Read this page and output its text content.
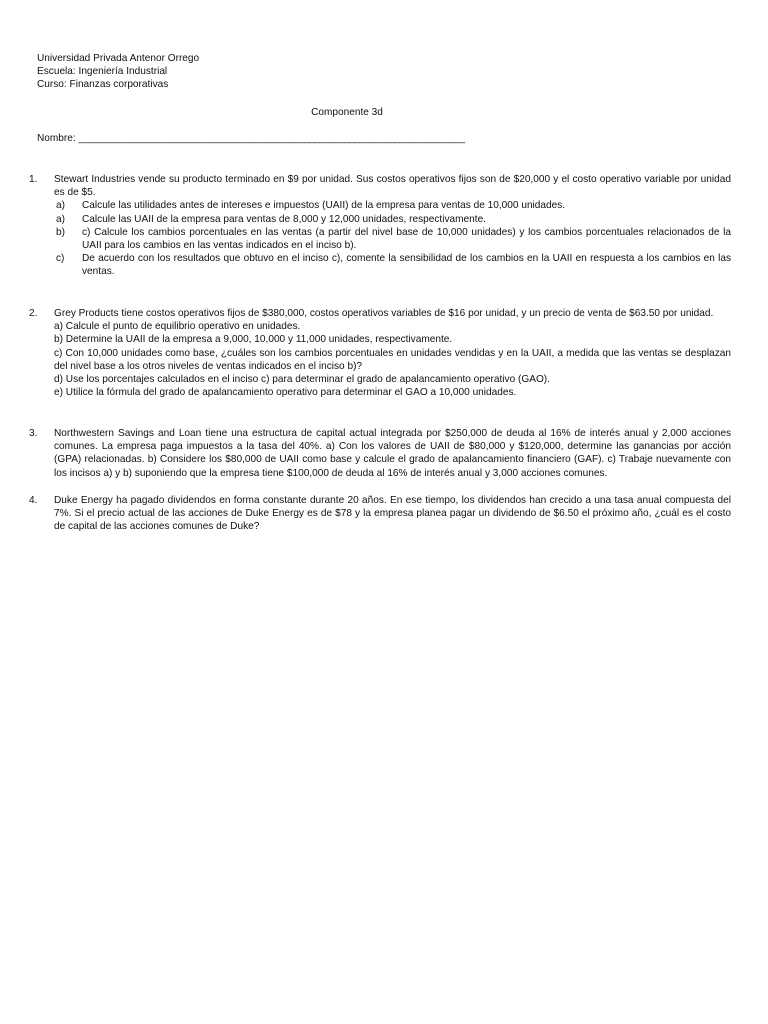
Universidad Privada Antenor Orrego
Escuela: Ingeniería Industrial
Curso: Finanzas corporativas
Componente 3d
Nombre: _____________________________________________________________________________
1. Stewart Industries vende su producto terminado en $9 por unidad. Sus costos operativos fijos son de $20,000 y el costo operativo variable por unidad es de $5.
a) Calcule las utilidades antes de intereses e impuestos (UAII) de la empresa para ventas de 10,000 unidades.
a) Calcule las UAII de la empresa para ventas de 8,000 y 12,000 unidades, respectivamente.
b) c) Calcule los cambios porcentuales en las ventas (a partir del nivel base de 10,000 unidades) y los cambios porcentuales relacionados de la UAII para los cambios en las ventas indicados en el inciso b).
c) De acuerdo con los resultados que obtuvo en el inciso c), comente la sensibilidad de los cambios en la UAII en respuesta a los cambios en las ventas.
2. Grey Products tiene costos operativos fijos de $380,000, costos operativos variables de $16 por unidad, y un precio de venta de $63.50 por unidad.
a) Calcule el punto de equilibrio operativo en unidades.
b) Determine la UAII de la empresa a 9,000, 10,000 y 11,000 unidades, respectivamente.
c) Con 10,000 unidades como base, ¿cuáles son los cambios porcentuales en unidades vendidas y en la UAII, a medida que las ventas se desplazan del nivel base a los otros niveles de ventas indicados en el inciso b)?
d) Use los porcentajes calculados en el inciso c) para determinar el grado de apalancamiento operativo (GAO).
e) Utilice la fórmula del grado de apalancamiento operativo para determinar el GAO a 10,000 unidades.
3. Northwestern Savings and Loan tiene una estructura de capital actual integrada por $250,000 de deuda al 16% de interés anual y 2,000 acciones comunes. La empresa paga impuestos a la tasa del 40%. a) Con los valores de UAII de $80,000 y $120,000, determine las ganancias por acción (GPA) relacionadas. b) Considere los $80,000 de UAII como base y calcule el grado de apalancamiento financiero (GAF). c) Trabaje nuevamente con los incisos a) y b) suponiendo que la empresa tiene $100,000 de deuda al 16% de interés anual y 3,000 acciones comunes.
4. Duke Energy ha pagado dividendos en forma constante durante 20 años. En ese tiempo, los dividendos han crecido a una tasa anual compuesta del 7%. Si el precio actual de las acciones de Duke Energy es de $78 y la empresa planea pagar un dividendo de $6.50 el próximo año, ¿cuál es el costo de capital de las acciones comunes de Duke?
